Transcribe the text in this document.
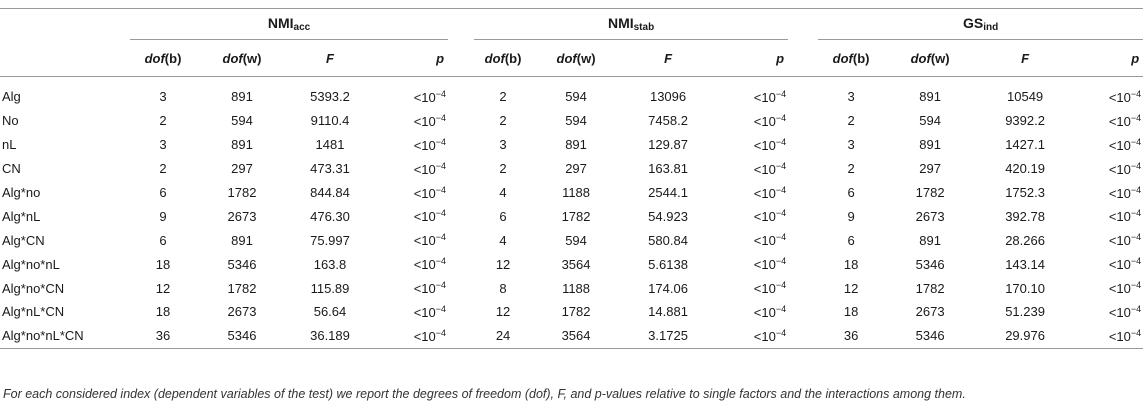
	$NMI_{acc}$					$NMI_{stab}$					$GS_{ind}$
	dof(b)	dof(w)	F	p		dof(b)	dof(w)	F	p		dof(b)	dof(w)	F	p

Alg	3	891	5393.2	$<10^{-4}$		2	594	13096	$<10^{-4}$		3	891	10549	$<10^{-4}$
No	2	594	9110.4	$<10^{-4}$		2	594	7458.2	$<10^{-4}$		2	594	9392.2	$<10^{-4}$
nL	3	891	1481	$<10^{-4}$		3	891	129.87	$<10^{-4}$		3	891	1427.1	$<10^{-4}$
CN	2	297	473.31	$<10^{-4}$		2	297	163.81	$<10^{-4}$		2	297	420.19	$<10^{-4}$
Alg*no	6	1782	844.84	$<10^{-4}$		4	1188	2544.1	$<10^{-4}$		6	1782	1752.3	$<10^{-4}$
Alg*nL	9	2673	476.30	$<10^{-4}$		6	1782	54.923	$<10^{-4}$		9	2673	392.78	$<10^{-4}$
Alg*CN	6	891	75.997	$<10^{-4}$		4	594	580.84	$<10^{-4}$		6	891	28.266	$<10^{-4}$
Alg*no*nL	18	5346	163.8	$<10^{-4}$		12	3564	5.6138	$<10^{-4}$		18	5346	143.14	$<10^{-4}$
Alg*no*CN	12	1782	115.89	$<10^{-4}$		8	1188	174.06	$<10^{-4}$		12	1782	170.10	$<10^{-4}$
Alg*nL*CN	18	2673	56.64	$<10^{-4}$		12	1782	14.881	$<10^{-4}$		18	2673	51.239	$<10^{-4}$
Alg*no*nL*CN	36	5346	36.189	$<10^{-4}$		24	3564	3.1725	$<10^{-4}$		36	5346	29.976	$<10^{-4}$
For each considered index (dependent variables of the test) we report the degrees of freedom (dof), F, and p-values relative to single factors and the interactions among them.
